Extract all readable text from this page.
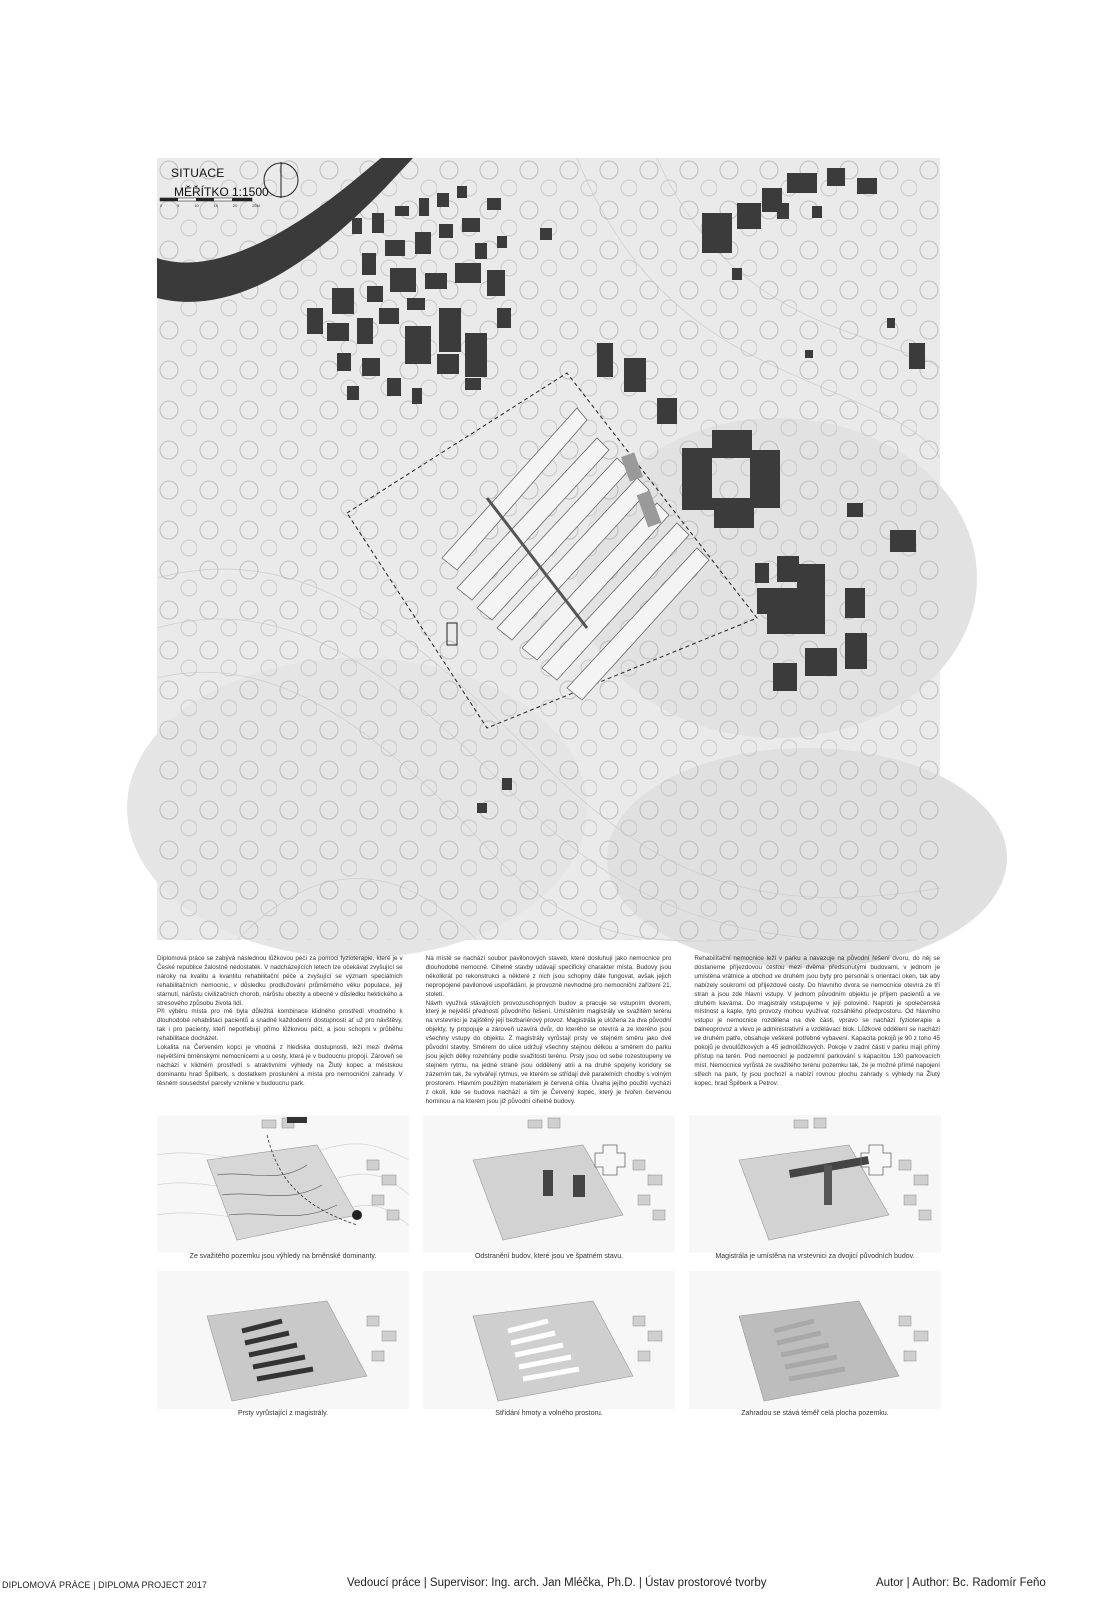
SITUACE
MĚŘÍTKO 1:1500
0	5	10	15	20	25M
Diplomová práce se zabývá následnou lůžkovou péčí za pomoci fyzioterapie, které je v České republice žalostně nedostatek. V nadcházejících letech lze očekávat zvyšující se nároky na kvalitu a kvantitu rehabilitační péče a zvyšující se význam speciálních rehabilitačních nemocnic, v důsledku prodlužování průměrného věku populace, její stárnutí, nárůstu civilizačních chorob, nárůstu obezity a obecně v důsledku hektického a stresového způsobu života lidí.
Při výběru místa pro mě byla důležitá kombinace klidného prostředí vhodného k dlouhodobé rehabilitaci pacientů a snadné každodenní dostupnosti ať už pro návštěvy, tak i pro pacienty, kteří nepotřebují přímo lůžkovou péči, a jsou schopni v průběhu rehabilitace docházet.
Lokalita na Červeném kopci je vhodná z hlediska dostupnosti, leží mezi dvěma největšími brněnskými nemocnicemi a u cesty, která je v budoucnu propojí. Zároveň se nachází v klidném prostředí s atraktivními výhledy na Žlutý kopec a městskou dominantu hrad Špilberk, s dostatkem prosluněni a místa pro nemocniční zahrady. V těsném sousedství parcely vznikne v budoucnu park.
Na místě se nachází soubor pavilonových staveb, které dosluhují jako nemocnice pro dlouhodobě nemocné. Cihelné stavby udávají specifický charakter místa. Budovy jsou několikrát po rekonstrukci a některé z nich jsou schopny dále fungovat, avšak jejich nepropojené pavilonové uspořádání, je provozně nevhodné pro nemocniční zařízení 21. století.
Návrh využívá stávajících provozuschopných budov a pracuje se vstupním dvorem, který je největší předností původního řešení. Umístěním magistrály ve svažitém terénu na vrstevnici je zajištěný její bezbariérový provoz. Magistrála je uložena za dva původní objekty, ty propojuje a zároveň uzavírá dvůr, do kterého se otevírá a ze kterého jsou všechny vstupy do objektu. Z magistrály vyrůstají prsty ve stejném směru jako dvě původní stavby. Směrem do ulice udržují všechny stejnou délkou a směrem do parku jsou jejich délky rozehrány podle svažitosti terénu. Prsty jsou od sebe rozestoupeny ve stejném rytmu, na jedné straně jsou oddělený atrii a na druhé spojeny koridory se zázemím tak, že vytvářejí rytmus, ve kterém se střídají dvě paralelních chodby s volným prostorem. Hlavním použitým materiálem je červená cihla. Úvaha jejího použití vychází z okolí, kde se budova nachází a tím je Červený kopec, který je tvořen červenou horninou a na kterém jsou již původní cihelné budovy.
Rehabilitační nemocnice leží v parku a navazuje na původní řešení dvoru, do něj se dostaneme příjezdovou cestou mezi dvěma předsunutými budovami, v jednom je umístěna vrátnice a obchod ve druhém jsou byty pro personál s orientací oken, tak aby nabízely soukromí od příjezdové cesty. Do hlavního dvora se nemocnice otevírá ze tří stran a jsou zde hlavní vstupy. V jednom původním objektu je příjem pacientů a ve druhém kavárna. Do magistrály vstupujeme v její polovině. Naproti je společenská místnost a kaple, tyto provozy mohou využívat rozsáhlého předprostoru. Od hlavního vstupu je nemocnice rozdělena na dvě části, vpravo se nachází fyzioterapie a balneoprovoz a vlevo je administrativní a vzdělávací blok. Lůžkové oddělení se nachází ve druhém patře, obsahuje veškeré potřebné vybavení. Kapacita pokojů je 90 z toho 45 pokojů je dvoulůžkových a 45 jednolůžkových. Pokoje v zadní části v parku mají přímý přístup na terén. Pod nemocnicí je podzemní parkování s kapacitou 130 parkovacích míst. Nemocnice vyrůstá ze svažitého terénu pozemku tak, že je možné přímé napojení střech na park, ty jsou pochozí a nabízí rovnou plochu zahrady s výhledy na Žlutý kopec, hrad Špilberk a Petrov.
Ze svažitého pozemku jsou výhledy na brněnské dominanty.	Odstranění budov, které jsou ve špatném stavu.	Magistrála je umístěna na vrstevnici za dvojicí původních budov.
Prsty vyrůstající z magistrály.	Střídání hmoty a volného prostoru.	Zahradou se stává téměř celá plocha pozemku.
DIPLOMOVÁ PRÁCE | DIPLOMA PROJECT 2017	Vedoucí práce | Supervisor: Ing. arch. Jan Mléčka, Ph.D. | Ústav prostorové tvorby	Autor | Author: Bc. Radomír Feňo
